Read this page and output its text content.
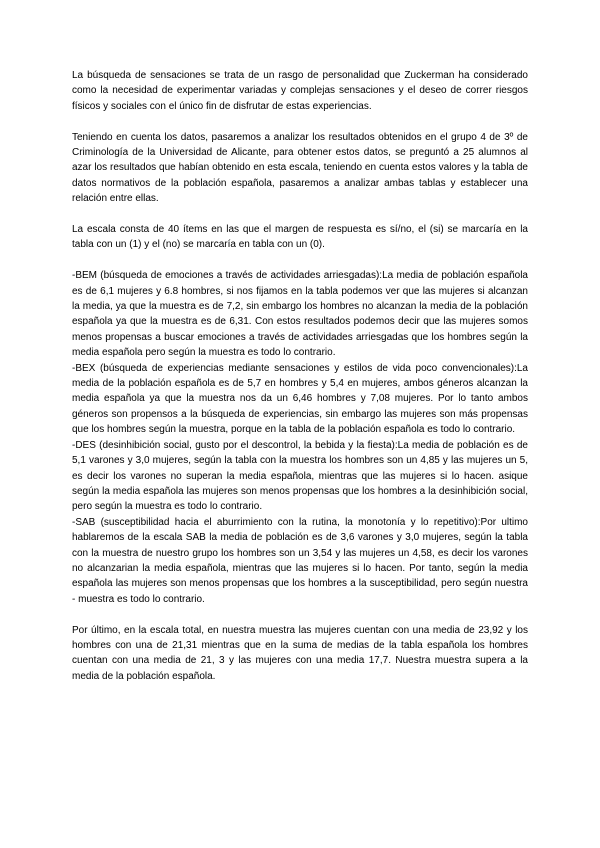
La búsqueda de sensaciones se trata de un rasgo de personalidad que Zuckerman ha considerado como la necesidad de experimentar variadas y complejas sensaciones y el deseo de correr riesgos físicos y sociales con el único fin de disfrutar de estas experiencias.

Teniendo en cuenta los datos, pasaremos a analizar los resultados obtenidos en el grupo 4 de 3º de Criminología de la Universidad de Alicante, para obtener estos datos, se preguntó a 25 alumnos al azar los resultados que habían obtenido en esta escala, teniendo en cuenta estos valores y la tabla de datos normativos de la población española, pasaremos a analizar ambas tablas y establecer una relación entre ellas.

La escala consta de 40 ítems en las que el margen de respuesta es sí/no, el (si) se marcaría en la tabla con un (1) y el (no) se marcaría en tabla con un (0).

-BEM (búsqueda de emociones a través de actividades arriesgadas):La media de población española es de 6,1 mujeres y 6.8 hombres, si nos fijamos en la tabla podemos ver que las mujeres si alcanzan la media, ya que la muestra es de 7,2, sin embargo los hombres no alcanzan la media de la población española ya que la muestra es de 6,31. Con estos resultados podemos decir que las mujeres somos menos propensas a buscar emociones a través de actividades arriesgadas que los hombres según la media española pero según la muestra es todo lo contrario.

-BEX (búsqueda de experiencias mediante sensaciones y estilos de vida poco convencionales):La media de la población española es de 5,7 en hombres y 5,4 en mujeres, ambos géneros alcanzan la media española ya que la muestra nos da un 6,46 hombres y 7,08 mujeres. Por lo tanto ambos géneros son propensos a la búsqueda de experiencias, sin embargo las mujeres son más propensas que los hombres según la muestra, porque en la tabla de la población española es todo lo contrario.

-DES (desinhibición social, gusto por el descontrol, la bebida y la fiesta):La media de población es de 5,1 varones y 3,0 mujeres, según la tabla con la muestra los hombres son un 4,85 y las mujeres un 5, es decir los varones no superan la media española, mientras que las mujeres si lo hacen. asique según la media española las mujeres son menos propensas que los hombres a la desinhibición social, pero según la muestra es todo lo contrario.

-SAB (susceptibilidad hacia el aburrimiento con la rutina, la monotonía y lo repetitivo):Por ultimo hablaremos de la escala SAB la media de población es de 3,6 varones y 3,0 mujeres, según la tabla con la muestra de nuestro grupo los hombres son un 3,54 y las mujeres un 4,58, es decir los varones no alcanzarian la media española, mientras que las mujeres si lo hacen. Por tanto, según la media española las mujeres son menos propensas que los hombres a la susceptibilidad, pero según nuestra - muestra es todo lo contrario.

Por último, en la escala total, en nuestra muestra las mujeres cuentan con una media de 23,92 y los hombres con una de 21,31 mientras que en la suma de medias de la tabla española los hombres cuentan con una media de 21, 3 y las mujeres con una media 17,7. Nuestra muestra supera a la media de la población española.
